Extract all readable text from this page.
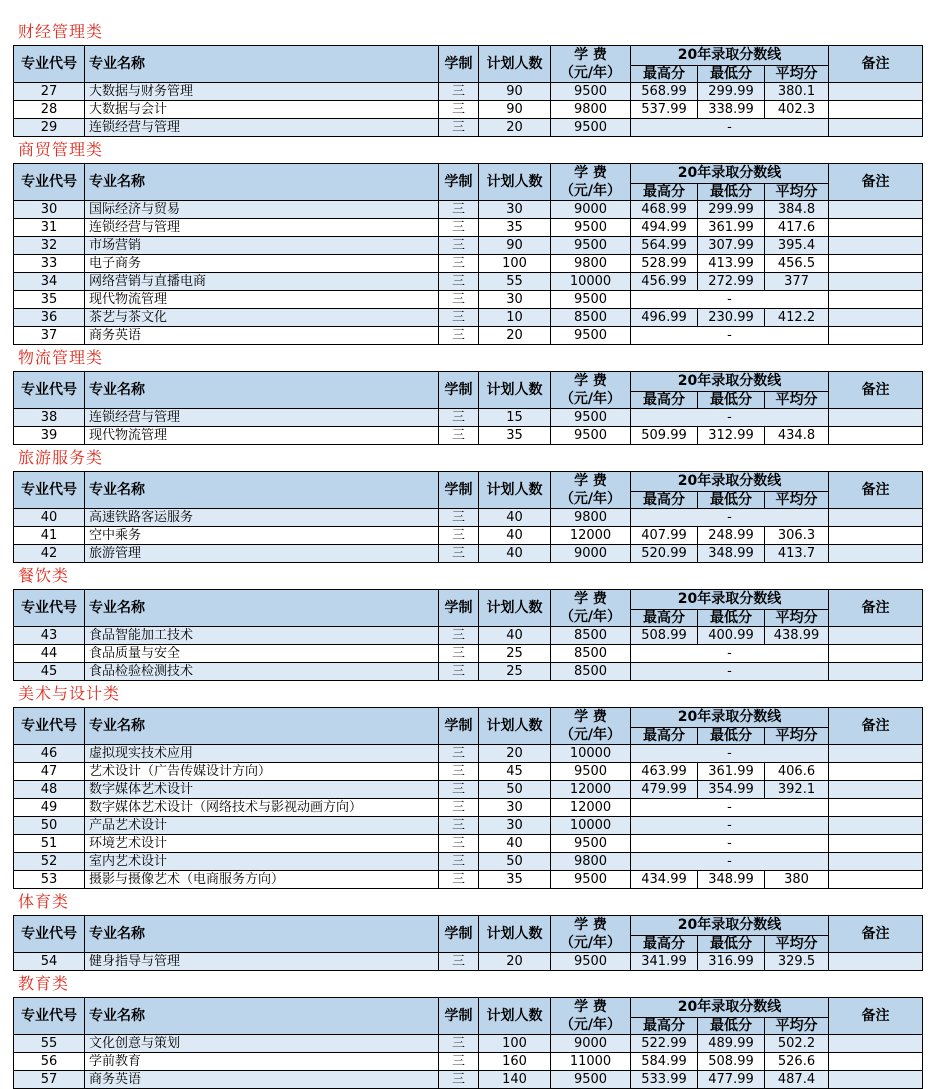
财经管理类
专业代号	专业名称	学制	计划人数	学 费
（元/年）	20年录取分数线			备注
					最高分	最低分	平均分	
27	大数据与财务管理	三	90	9500	568.99	299.99	380.1	
28	大数据与会计	三	90	9800	537.99	338.99	402.3	
29	连锁经营与管理	三	20	9500	-			
商贸管理类
专业代号	专业名称	学制	计划人数	学 费
（元/年）	20年录取分数线			备注
					最高分	最低分	平均分	
30	国际经济与贸易	三	30	9000	468.99	299.99	384.8	
31	连锁经营与管理	三	35	9500	494.99	361.99	417.6	
32	市场营销	三	90	9500	564.99	307.99	395.4	
33	电子商务	三	100	9800	528.99	413.99	456.5	
34	网络营销与直播电商	三	55	10000	456.99	272.99	377	
35	现代物流管理	三	30	9500	-			
36	茶艺与茶文化	三	10	8500	496.99	230.99	412.2	
37	商务英语	三	20	9500	-			
物流管理类
专业代号	专业名称	学制	计划人数	学 费
（元/年）	20年录取分数线			备注
					最高分	最低分	平均分	
38	连锁经营与管理	三	15	9500	-			
39	现代物流管理	三	35	9500	509.99	312.99	434.8	
旅游服务类
专业代号	专业名称	学制	计划人数	学 费
（元/年）	20年录取分数线			备注
					最高分	最低分	平均分	
40	高速铁路客运服务	三	40	9800	-			
41	空中乘务	三	40	12000	407.99	248.99	306.3	
42	旅游管理	三	40	9000	520.99	348.99	413.7	
餐饮类
专业代号	专业名称	学制	计划人数	学 费
（元/年）	20年录取分数线			备注
					最高分	最低分	平均分	
43	食品智能加工技术	三	40	8500	508.99	400.99	438.99	
44	食品质量与安全	三	25	8500	-			
45	食品检验检测技术	三	25	8500	-			
美术与设计类
专业代号	专业名称	学制	计划人数	学 费
（元/年）	20年录取分数线			备注
					最高分	最低分	平均分	
46	虚拟现实技术应用	三	20	10000	-			
47	艺术设计（广告传媒设计方向）	三	45	9500	463.99	361.99	406.6	
48	数字媒体艺术设计	三	50	12000	479.99	354.99	392.1	
49	数字媒体艺术设计（网络技术与影视动画方向）	三	30	12000	-			
50	产品艺术设计	三	30	10000	-			
51	环境艺术设计	三	40	9500	-			
52	室内艺术设计	三	50	9800	-			
53	摄影与摄像艺术（电商服务方向）	三	35	9500	434.99	348.99	380	
体育类
专业代号	专业名称	学制	计划人数	学 费
（元/年）	20年录取分数线			备注
					最高分	最低分	平均分	
54	健身指导与管理	三	20	9500	341.99	316.99	329.5	
教育类
专业代号	专业名称	学制	计划人数	学 费
（元/年）	20年录取分数线			备注
					最高分	最低分	平均分	
55	文化创意与策划	三	100	9000	522.99	489.99	502.2	
56	学前教育	三	160	11000	584.99	508.99	526.6	
57	商务英语	三	140	9500	533.99	477.99	487.4	
